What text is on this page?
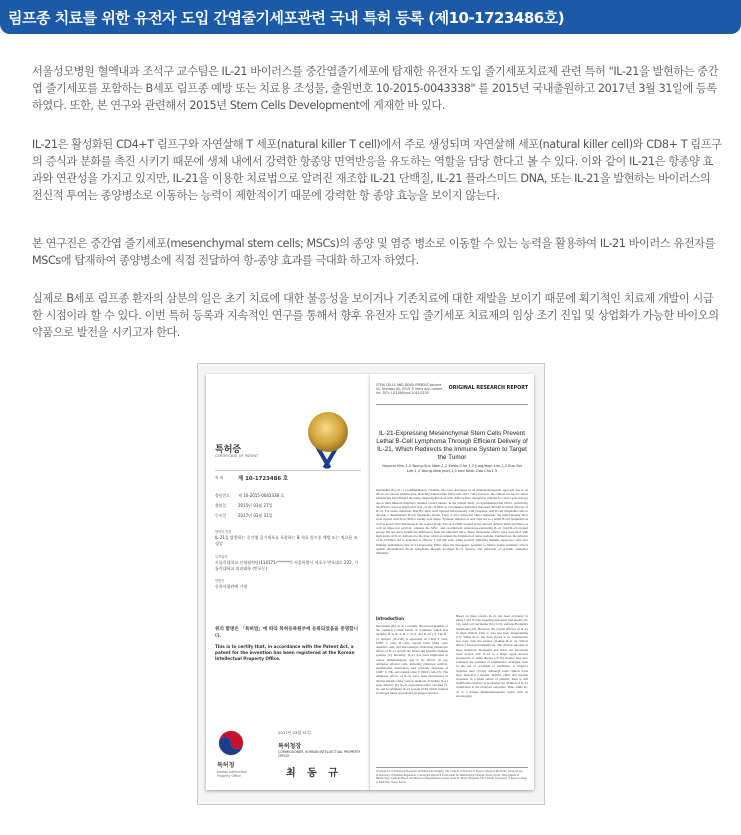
림프종 치료를 위한 유전자 도입 간엽줄기세포관련 국내 특허 등록 (제10-1723486호)

서울성모병원 혈액내과 조석구 교수팀은 IL-21 바이러스를 중간엽줄기세포에 탑재한 유전자 도입 줄기세포치료제 관련 특허 "IL-21을 발현하는 중간엽 줄기세포를 포함하는 B세포 림프종 예방 또는 치료용 조성물, 출원번호 10-2015-0043338" 를 2015년 국내출원하고 2017년 3월 31일에 등록하였다. 또한, 본 연구와 관련해서 2015년 Stem Cells Development에 게재한 바 있다.

IL-21은 활성화된 CD4+T 림프구와 자연살해 T 세포(natural killer T cell)에서 주로 생성되며 자연살해 세포(natural killer cell)와 CD8+ T 림프구의 증식과 분화를 촉진 시키기 때문에 생체 내에서 강력한 항종양 면역반응을 유도하는 역할을 담당 한다고 볼 수 있다. 이와 같이 IL-21은 항종양 효과와 연관성을 가지고 있지만, IL-21을 이용한 치료법으로 알려진 재조합 IL-21 단백질, IL-21 플라스미드 DNA, 또는 IL-21을 발현하는 바이러스의 전신적 투여는 종양병소로 이동하는 능력이 제한적이기 때문에 강력한 항 종양 효능을 보이지 않는다.

본 연구진은 중간엽 줄기세포(mesenchymal stem cells; MSCs)의 종양 및 염증 병소로 이동할 수 있는 능력을 활용하여 IL-21 바이러스 유전자를 MSCs에 탑재하여 종양병소에 직접 전달하여 항-종양 효과를 극대화 하고자 하였다.

실제로 B세포 림프종 환자의 삼분의 일은 초기 치료에 대한 불응성을 보이거나 기존치료에 대한 재발을 보이기 때문에 획기적인 치료제 개발이 시급한 시점이라 할 수 있다. 이번 특허 등록과 지속적인 연구를 통해서 향후 유전자 도입 줄기세포 치료제의 임상 조기 진입 및 상업화가 가능한 바이오의약품으로 발전을 시키고자 한다.

특허증
CERTIFICATE OF PATENT
특 허	제 10-1723486 호
출원번호 제 10-2015-0043338 호
출원일	2015년 03월 27일
등록일	2017년 03월 31일
발명의 명칭
IL-21을 발현하는 중간엽 줄기세포를 포함하는 B 세포 림프종 예방 또는 치료용 조성물
특허권자
가톨릭대학교 산학협력단(114171-*******) 서울특별시 서초구 반포대로 222, 가톨릭대학교 의과대학 (반포동)
발명자
등록사항란에 기재
위의 발명은 「특허법」에 따라 특허등록원부에 등록되었음을 증명합니다.
This is to certify that, in accordance with the Patent Act, a patent for the invention has been registered at the Korean Intellectual Property Office.
2017년 03월 31일
특허청장
COMMISSIONER, KOREAN INTELLECTUAL PROPERTY OFFICE
최 동 규
특허청
Korean Intellectual Property Office
STEM CELLS AND DEVELOPMENT Volume 00, Number 00, 2015 © Mary Ann Liebert, Inc. DOI: 10.1089/scd.2015.0103
ORIGINAL RESEARCH REPORT
IL-21-Expressing Mesenchymal Stem Cells Prevent Lethal B-Cell Lymphoma Through Efficient Delivery of IL-21, Which Redirects the Immune System to Target the Tumor
Nayoun Kim,1,2 Young-Sun Nam,1,2 Kwon-Il Im,1,2 Jung-Yeon Lim,1,2 Eun-Sol Lee,1,2 Young-Woo Jeon,1,3 and Seok-Goo Cho1-3
Interleukin (IL)-21, a proinflammatory cytokine, has been developed as an immunotherapeutic approach due to its effects on various lymphocytes, including natural killer (NK) cells and T cells; however, the clinical success in cancer patients has been limited. Recently, mesenchymal stem cells (MSCs) have emerged as vehicles for cancer gene therapy due to their inherent migratory abilities toward tumors. In the present study, we hypothesized that MSCs, genetically modified to express high levels of IL-21 (IL-21/MSCs), can enhance antitumor responses through localized delivery of IL-21. For tumor induction, BALB/c mice were injected intravenously with syngeneic A20 B-cell lymphoma cells to develop a disseminated B-cell lymphoma model. Then, 6 days following tumor induction, the tumor-bearing mice were treated with IL-21/MSCs weekly, four times. Systemic infusion of A20 cells led to a lethal B-cell lymphoma as well as severe liver metastasis in the control group. The IL-21/MSC-treated group showed delayed tumor incidence as well as improved survival, whereas the MSC- and recombinant adenovirus-expressing IL-21 (rAd/IL-21)-treated groups did not show significant differences from the untreated mice. These therapeutic effects were associated with high levels of IL-21 delivered to the liver, which prevented the formation of tumor nodules. Furthermore, the infusion of IL-21/MSCs led to induction of effector T and NK cells, while potently inhibiting immune suppressor cells. Our findings demonstrate that IL-21-expressing MSCs have the therapeutic potential to induce potent antitumor effects against disseminated B-cell lymphoma through localized IL-21 delivery and induction of systemic antitumor immunity.
Introduction
Interleukin (IL)-21 is a recently discovered member of the common γ-chain family of cytokines, which also includes IL-2, IL-4, IL-7, IL-9, and IL-15 [1]. The IL-21 receptor (IL-21R) is expressed on CD4+ T cells, CD8+ T cells, B cells, natural killer (NK) cells, dendritic cells, and macrophages, indicating pleiotropic effects of IL-21 in both the innate and adaptive immune systems [2]. Recently, IL-21 has been implicated in cancer immunotherapy due to its effects on key antitumor effector cells, including enhanced survival, proliferation, maturation, and cytotoxic functions of CD8+ T, NK, and natural killer T (NKT) cells [3]. The antitumor effects of IL-21 have been investigated in murine models using various methods, including IL-21 gene delivery [4], IL-21-expressing tumor vaccines [5-6], and recombinant IL-21 protein [6-8], which resulted in delayed tumor growth and prolonged survival.
Based on these results, IL-21 has been evaluated in phase I and II trials targeting metastatic melanoma [10-14], renal cell carcinoma [12,13,15], and non-Hodgkin's lymphoma [16]. However, the overall efficacy of IL-21 in most clinical trials to date has been disappointing [17]. While IL-21 has been shown to be considerably less toxic than the related cytokine IL-2, its clinical efficacy has been insignificant. The clinical outcome of most metastatic melanoma and renal cell carcinoma cases treated with IL-21 as a single agent showed progressive or stable disease [10-16]. Studies have also evaluated the potential of combination strategies, such as the use of sorafenib or rituximab, to improve response rates [15,16]. Although some clinical trials have indicated a modest additive effect and durable responses in a small subset of patients, there is still insufficient evidence as to whether the addition of IL-21 contributed to the observed outcomes. Thus, while IL-21 is a unique immunotherapeutic agent with an encouraging
1Institute for Translational Research and Molecular Imaging, The Catholic University of Korea College of Medicine, Seoul, Korea. 2Laboratory of Immune Regulation, Convergent Research Consortium for Immunologic Disease, Seoul, Korea. 3Department of Hematology, Catholic Blood and Marrow Transplantation Center, Seoul St. Mary's Hospital, The Catholic University of Korea College of Medicine, Seoul, Korea.
